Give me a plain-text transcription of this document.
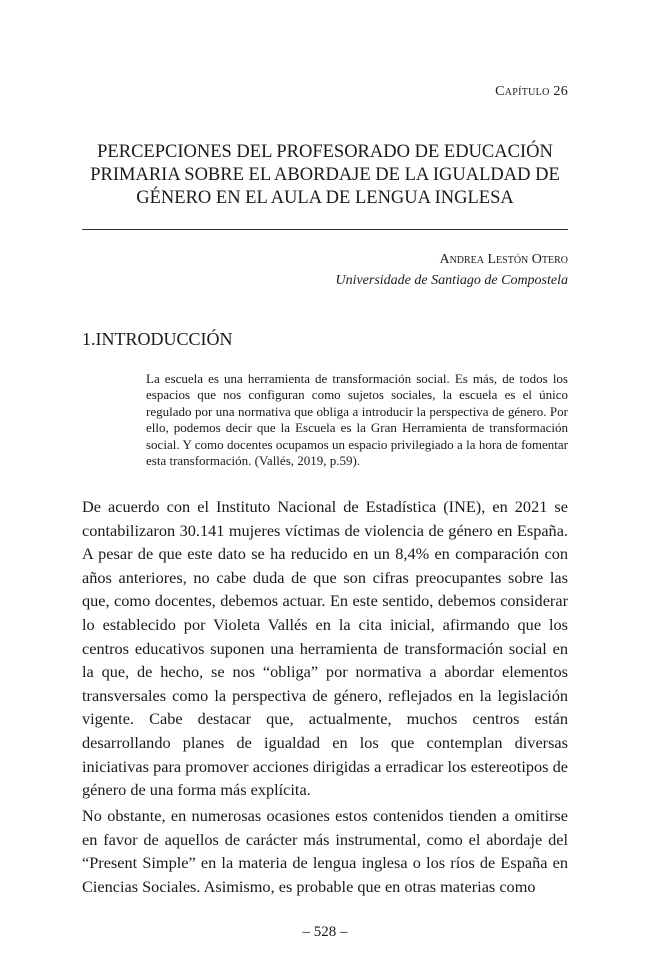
Capítulo 26
PERCEPCIONES DEL PROFESORADO DE EDUCACIÓN PRIMARIA SOBRE EL ABORDAJE DE LA IGUALDAD DE GÉNERO EN EL AULA DE LENGUA INGLESA
Andrea Lestón Otero
Universidade de Santiago de Compostela
1.INTRODUCCIÓN
La escuela es una herramienta de transformación social. Es más, de todos los espacios que nos configuran como sujetos sociales, la escuela es el único regulado por una normativa que obliga a introducir la perspectiva de género. Por ello, podemos decir que la Escuela es la Gran Herramienta de transformación social. Y como docentes ocupamos un espacio privilegiado a la hora de fomentar esta transformación. (Vallés, 2019, p.59).

De acuerdo con el Instituto Nacional de Estadística (INE), en 2021 se contabilizaron 30.141 mujeres víctimas de violencia de género en España. A pesar de que este dato se ha reducido en un 8,4% en comparación con años anteriores, no cabe duda de que son cifras preocupantes sobre las que, como docentes, debemos actuar. En este sentido, debemos considerar lo establecido por Violeta Vallés en la cita inicial, afirmando que los centros educativos suponen una herramienta de transformación social en la que, de hecho, se nos “obliga” por normativa a abordar elementos transversales como la perspectiva de género, reflejados en la legislación vigente. Cabe destacar que, actualmente, muchos centros están desarrollando planes de igualdad en los que contemplan diversas iniciativas para promover acciones dirigidas a erradicar los estereotipos de género de una forma más explícita.

No obstante, en numerosas ocasiones estos contenidos tienden a omitirse en favor de aquellos de carácter más instrumental, como el abordaje del “Present Simple” en la materia de lengua inglesa o los ríos de España en Ciencias Sociales. Asimismo, es probable que en otras materias como

– 528 –
